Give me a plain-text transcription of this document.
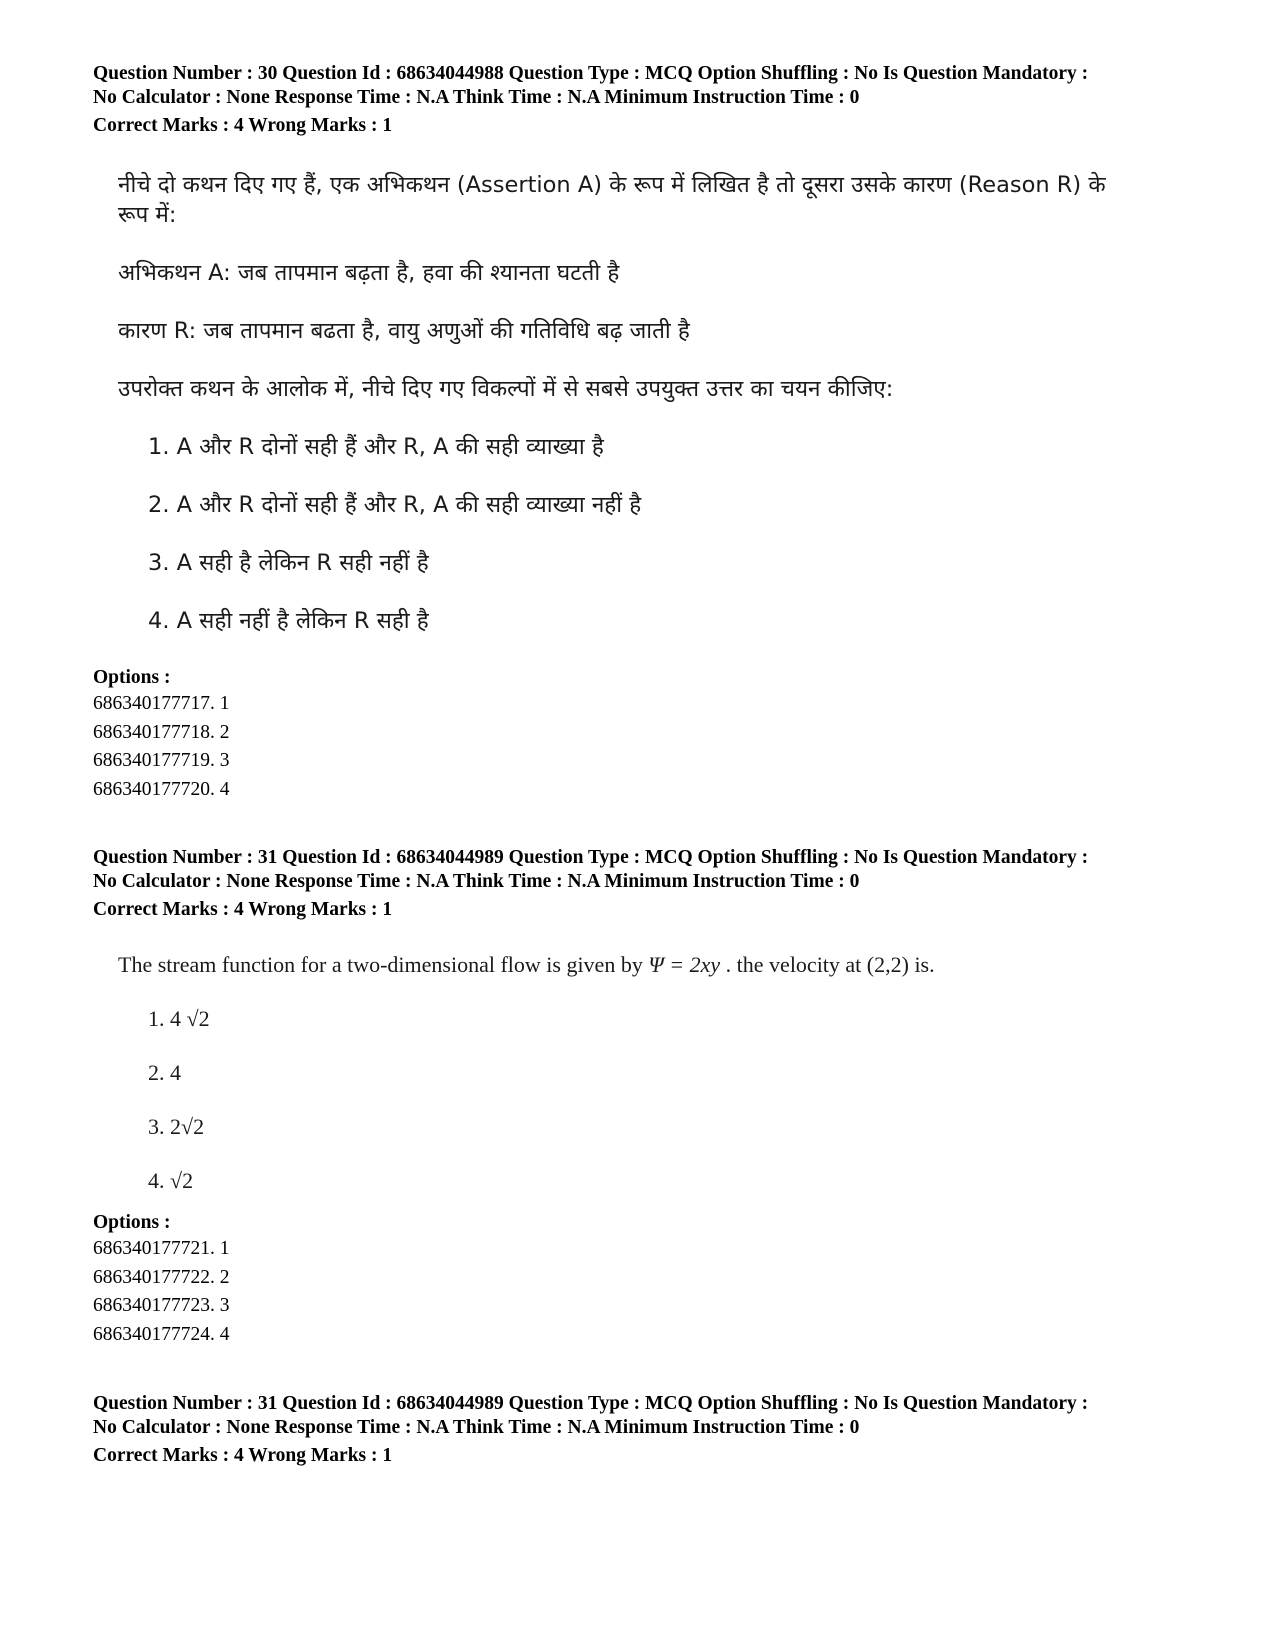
Question Number : 30 Question Id : 68634044988 Question Type : MCQ Option Shuffling : No Is Question Mandatory :
No Calculator : None Response Time : N.A Think Time : N.A Minimum Instruction Time : 0
Correct Marks : 4 Wrong Marks : 1

नीचे दो कथन दिए गए हैं, एक अभिकथन (Assertion A) के रूप में लिखित है तो दूसरा उसके कारण (Reason R) के

रूप में:

अभिकथन A: जब तापमान बढ़ता है, हवा की श्यानता घटती है

कारण R: जब तापमान बढता है, वायु अणुओं की गतिविधि बढ़ जाती है

उपरोक्त कथन के आलोक में, नीचे दिए गए विकल्पों में से सबसे उपयुक्त उत्तर का चयन कीजिए:

1. A और R दोनों सही हैं और R, A की सही व्याख्या है
2. A और R दोनों सही हैं और R, A की सही व्याख्या नहीं है
3. A सही है लेकिन R सही नहीं है
4. A सही नहीं है लेकिन R सही है
Options :
686340177717. 1
686340177718. 2
686340177719. 3
686340177720. 4
Question Number : 31 Question Id : 68634044989 Question Type : MCQ Option Shuffling : No Is Question Mandatory :
No Calculator : None Response Time : N.A Think Time : N.A Minimum Instruction Time : 0
Correct Marks : 4 Wrong Marks : 1
The stream function for a two-dimensional flow is given by Ψ = 2xy . the velocity at (2,2) is.
1. 4 √2
2. 4
3. 2√2
4. √2
Options :
686340177721. 1
686340177722. 2
686340177723. 3
686340177724. 4
Question Number : 31 Question Id : 68634044989 Question Type : MCQ Option Shuffling : No Is Question Mandatory :
No Calculator : None Response Time : N.A Think Time : N.A Minimum Instruction Time : 0
Correct Marks : 4 Wrong Marks : 1
